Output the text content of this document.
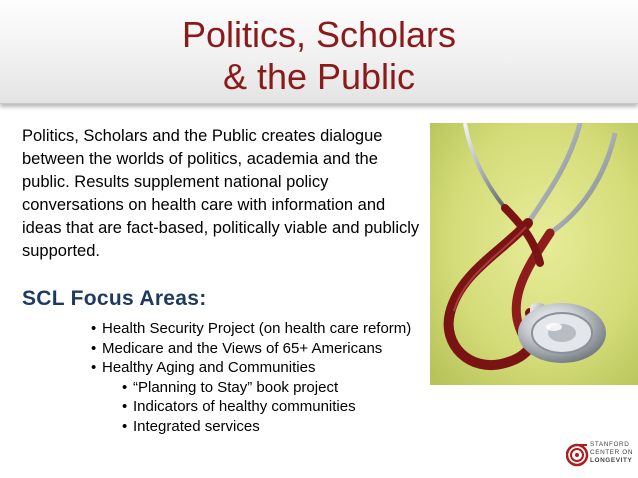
Politics, Scholars
& the Public
Politics, Scholars and the Public creates dialogue between the worlds of politics, academia and the public. Results supplement national policy conversations on health care with information and ideas that are fact-based, politically viable and publicly supported.
SCL Focus Areas:
• Health Security Project (on health care reform)
• Medicare and the Views of 65+ Americans
• Healthy Aging and Communities
• “Planning to Stay” book project
• Indicators of healthy communities
• Integrated services
STANFORD
CENTER ON
LONGEVITY
